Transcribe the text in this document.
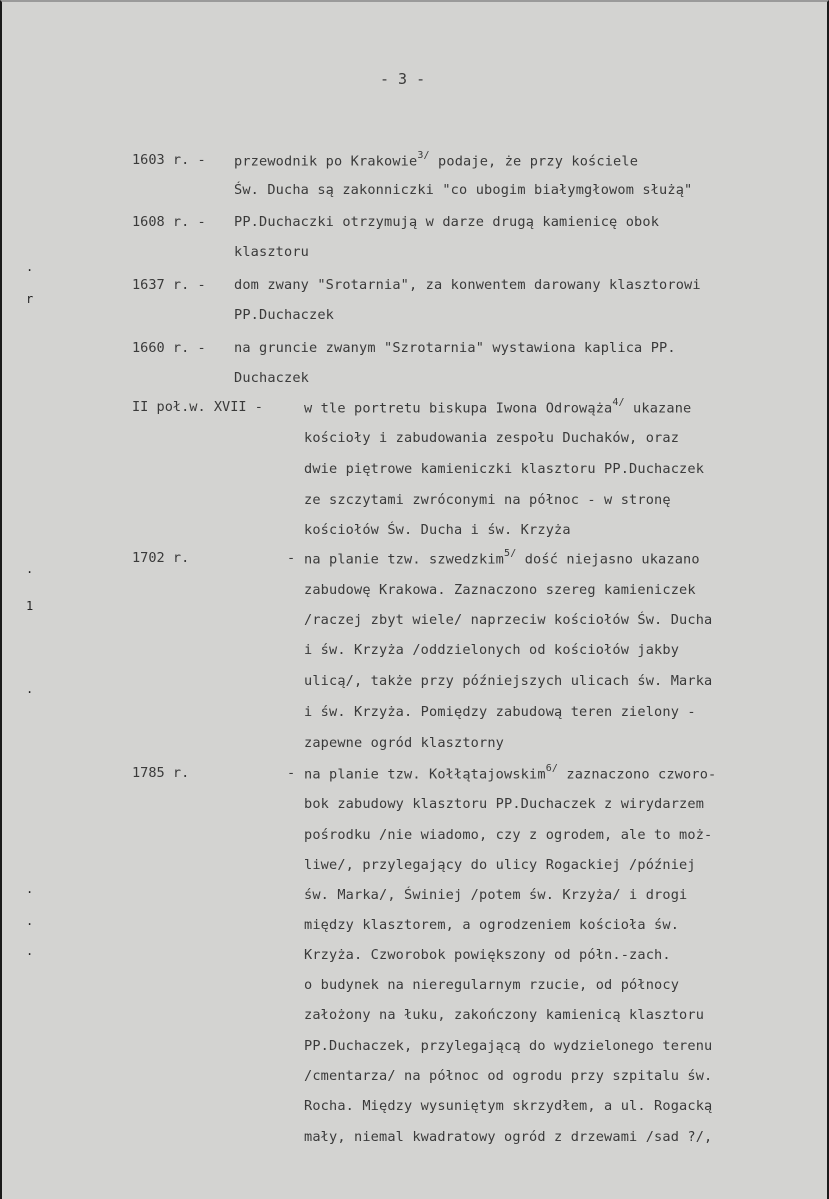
- 3 -
.
r
.
1
.
.
.
.
1603 r. - przewodnik po Krakowie$^{3/}$ podaje, że przy kościele
Św. Ducha są zakonniczki "co ubogim białymgłowom służą"
1608 r. - PP.Duchaczki otrzymują w darze drugą kamienicę obok
klasztoru
1637 r. - dom zwany "Srotarnia", za konwentem darowany klasztorowi
PP.Duchaczek
1660 r. - na gruncie zwanym "Szrotarnia" wystawiona kaplica PP.
Duchaczek
II poł.w. XVII -	w tle portretu biskupa Iwona Odrowąża$^{4/}$ ukazane
kościoły i zabudowania zespołu Duchaków, oraz
dwie piętrowe kamieniczki klasztoru PP.Duchaczek
ze szczytami zwróconymi na północ - w stronę
kościołów Św. Ducha i św. Krzyża
1702 r.	- na planie tzw. szwedzkim$^{5/}$ dość niejasno ukazano
zabudowę Krakowa. Zaznaczono szereg kamieniczek
/raczej zbyt wiele/ naprzeciw kościołów Św. Ducha
i św. Krzyża /oddzielonych od kościołów jakby
ulicą/, także przy późniejszych ulicach św. Marka
i św. Krzyża. Pomiędzy zabudową teren zielony -
zapewne ogród klasztorny
1785 r.	- na planie tzw. Kołłątajowskim$^{6/}$ zaznaczono czworo-
bok zabudowy klasztoru PP.Duchaczek z wirydarzem
pośrodku /nie wiadomo, czy z ogrodem, ale to moż-
liwe/, przylegający do ulicy Rogackiej /później
św. Marka/, Świniej /potem św. Krzyża/ i drogi
między klasztorem, a ogrodzeniem kościoła św.
Krzyża. Czworobok powiększony od półn.-zach.
o budynek na nieregularnym rzucie, od północy
założony na łuku, zakończony kamienicą klasztoru
PP.Duchaczek, przylegającą do wydzielonego terenu
/cmentarza/ na północ od ogrodu przy szpitalu św.
Rocha. Między wysuniętym skrzydłem, a ul. Rogacką
mały, niemal kwadratowy ogród z drzewami /sad ?/,
